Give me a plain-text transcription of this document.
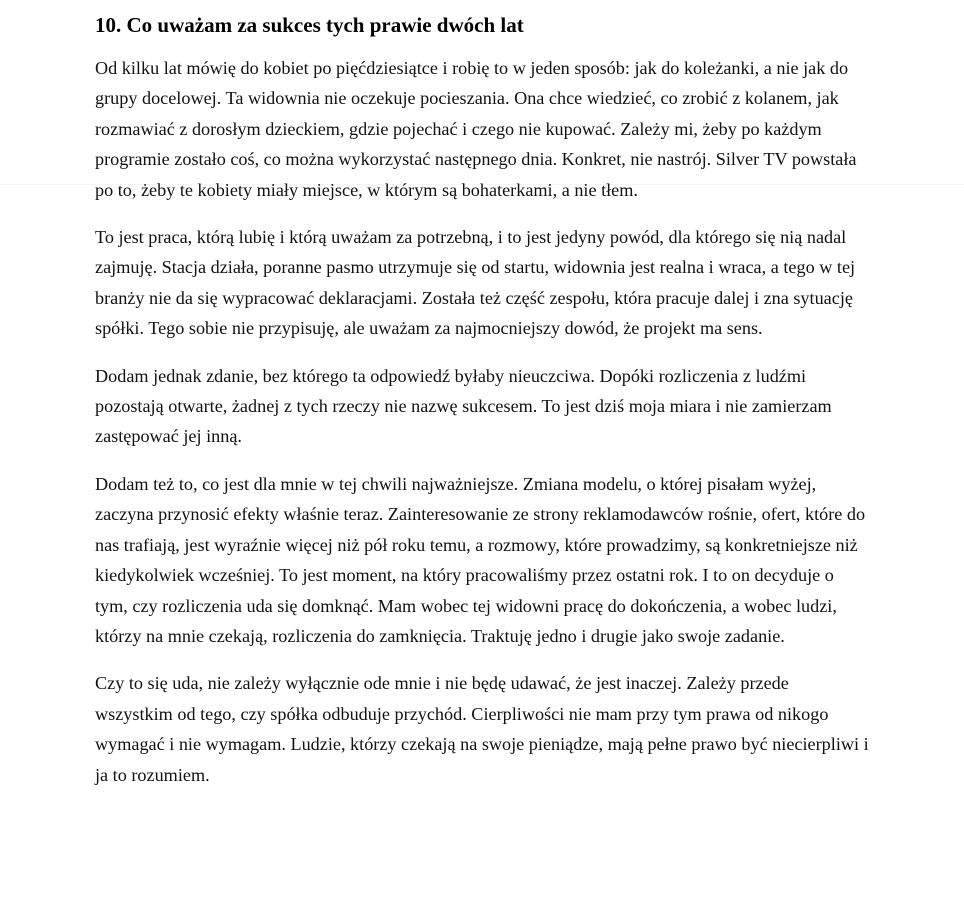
10. Co uważam za sukces tych prawie dwóch lat

Od kilku lat mówię do kobiet po pięćdziesiątce i robię to w jeden sposób: jak do koleżanki, a nie jak do grupy docelowej. Ta widownia nie oczekuje pocieszania. Ona chce wiedzieć, co zrobić z kolanem, jak rozmawiać z dorosłym dzieckiem, gdzie pojechać i czego nie kupować. Zależy mi, żeby po każdym programie zostało coś, co można wykorzystać następnego dnia. Konkret, nie nastrój. Silver TV powstała po to, żeby te kobiety miały miejsce, w którym są bohaterkami, a nie tłem.

To jest praca, którą lubię i którą uważam za potrzebną, i to jest jedyny powód, dla którego się nią nadal zajmuję. Stacja działa, poranne pasmo utrzymuje się od startu, widownia jest realna i wraca, a tego w tej branży nie da się wypracować deklaracjami. Została też część zespołu, która pracuje dalej i zna sytuację spółki. Tego sobie nie przypisuję, ale uważam za najmocniejszy dowód, że projekt ma sens.

Dodam jednak zdanie, bez którego ta odpowiedź byłaby nieuczciwa. Dopóki rozliczenia z ludźmi pozostają otwarte, żadnej z tych rzeczy nie nazwę sukcesem. To jest dziś moja miara i nie zamierzam zastępować jej inną.

Dodam też to, co jest dla mnie w tej chwili najważniejsze. Zmiana modelu, o której pisałam wyżej, zaczyna przynosić efekty właśnie teraz. Zainteresowanie ze strony reklamodawców rośnie, ofert, które do nas trafiają, jest wyraźnie więcej niż pół roku temu, a rozmowy, które prowadzimy, są konkretniejsze niż kiedykolwiek wcześniej. To jest moment, na który pracowaliśmy przez ostatni rok. I to on decyduje o tym, czy rozliczenia uda się domknąć. Mam wobec tej widowni pracę do dokończenia, a wobec ludzi, którzy na mnie czekają, rozliczenia do zamknięcia. Traktuję jedno i drugie jako swoje zadanie.

Czy to się uda, nie zależy wyłącznie ode mnie i nie będę udawać, że jest inaczej. Zależy przede wszystkim od tego, czy spółka odbuduje przychód. Cierpliwości nie mam przy tym prawa od nikogo wymagać i nie wymagam. Ludzie, którzy czekają na swoje pieniądze, mają pełne prawo być niecierpliwi i ja to rozumiem.
